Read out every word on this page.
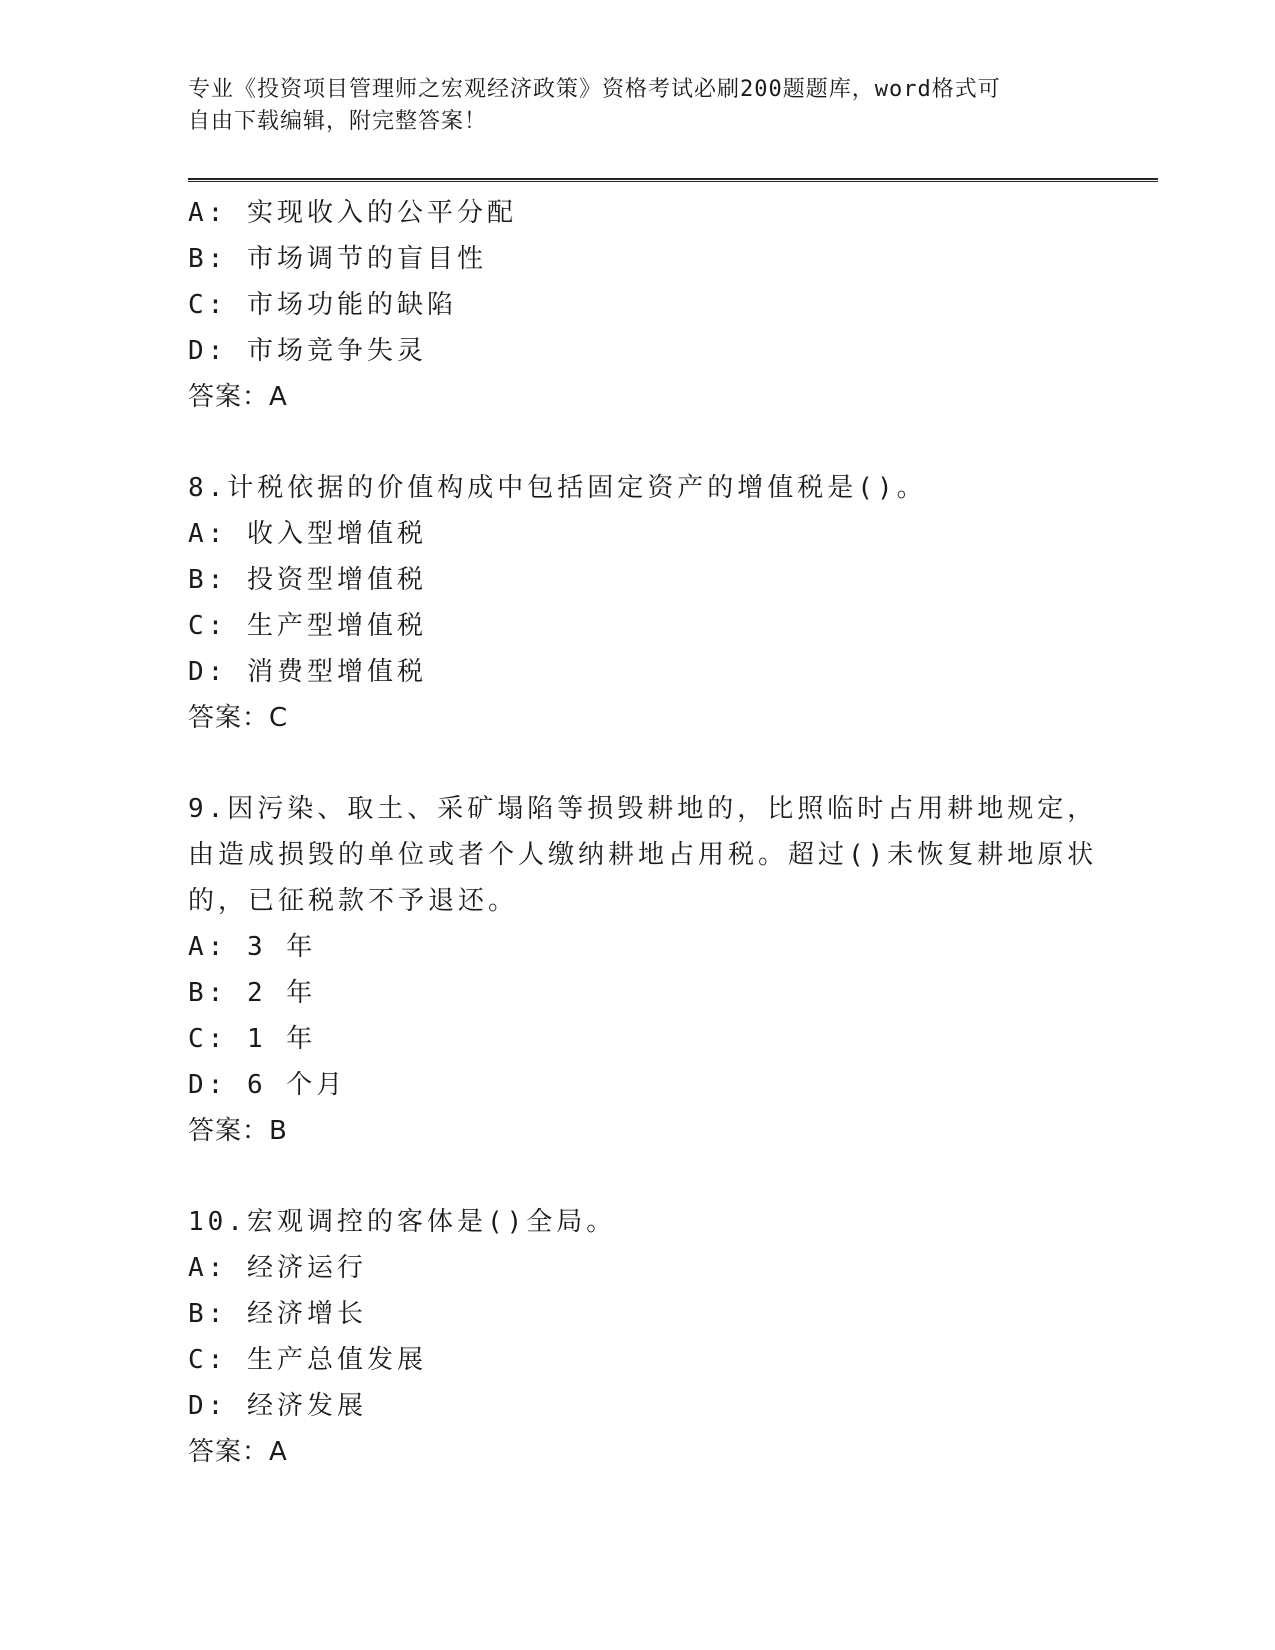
专业《投资项目管理师之宏观经济政策》资格考试必刷200题题库，word格式可
自由下载编辑，附完整答案！
A: 实现收入的公平分配
B: 市场调节的盲目性
C: 市场功能的缺陷
D: 市场竞争失灵
答案：A
8.计税依据的价值构成中包括固定资产的增值税是()。
A: 收入型增值税
B: 投资型增值税
C: 生产型增值税
D: 消费型增值税
答案：C
9.因污染、取土、采矿塌陷等损毁耕地的，比照临时占用耕地规定，
由造成损毁的单位或者个人缴纳耕地占用税。超过()未恢复耕地原状
的，已征税款不予退还。
A: 3 年
B: 2 年
C: 1 年
D: 6 个月
答案：B
10.宏观调控的客体是()全局。
A: 经济运行
B: 经济增长
C: 生产总值发展
D: 经济发展
答案：A
